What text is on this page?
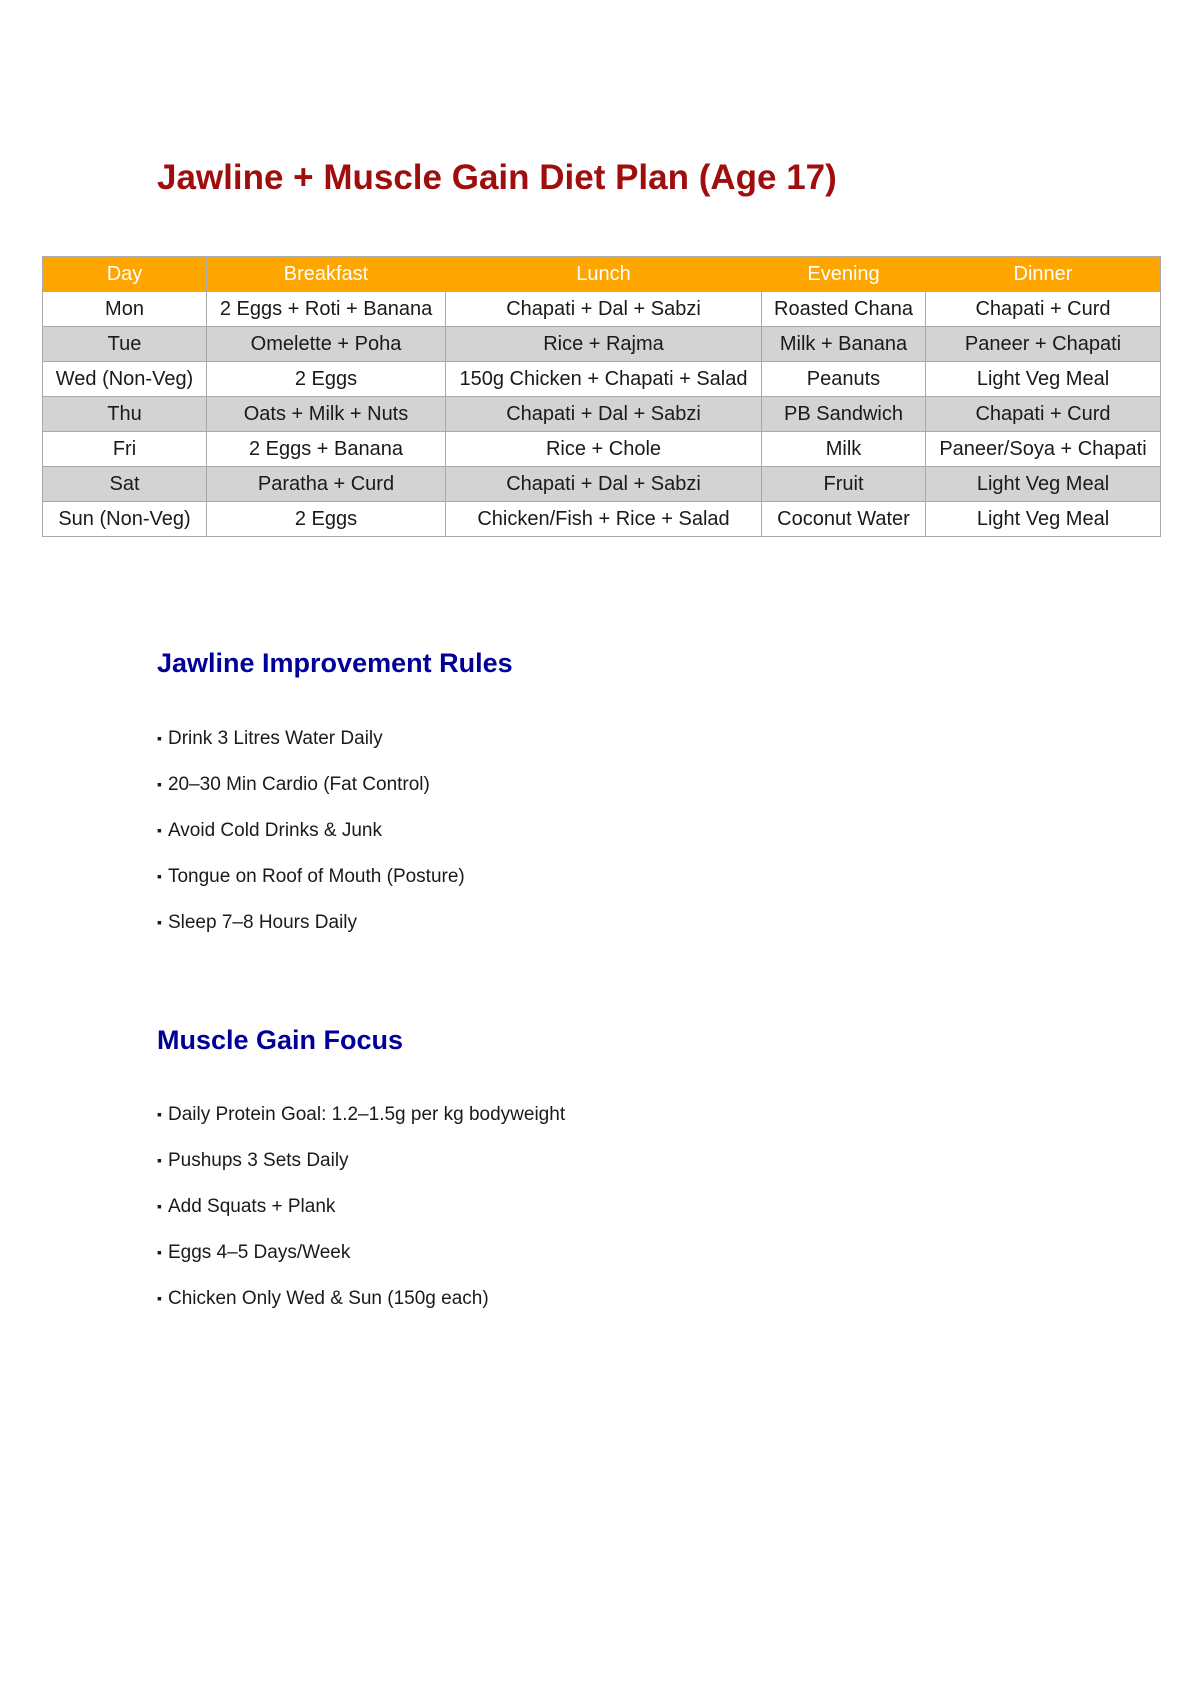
Jawline + Muscle Gain Diet Plan (Age 17)
Day	Breakfast	Lunch	Evening	Dinner
Mon	2 Eggs + Roti + Banana	Chapati + Dal + Sabzi	Roasted Chana	Chapati + Curd
Tue	Omelette + Poha	Rice + Rajma	Milk + Banana	Paneer + Chapati
Wed (Non-Veg)	2 Eggs	150g Chicken + Chapati + Salad	Peanuts	Light Veg Meal
Thu	Oats + Milk + Nuts	Chapati + Dal + Sabzi	PB Sandwich	Chapati + Curd
Fri	2 Eggs + Banana	Rice + Chole	Milk	Paneer/Soya + Chapati
Sat	Paratha + Curd	Chapati + Dal + Sabzi	Fruit	Light Veg Meal
Sun (Non-Veg)	2 Eggs	Chicken/Fish + Rice + Salad	Coconut Water	Light Veg Meal
Jawline Improvement Rules
▪ Drink 3 Litres Water Daily
▪ 20–30 Min Cardio (Fat Control)
▪ Avoid Cold Drinks & Junk
▪ Tongue on Roof of Mouth (Posture)
▪ Sleep 7–8 Hours Daily
Muscle Gain Focus
▪ Daily Protein Goal: 1.2–1.5g per kg bodyweight
▪ Pushups 3 Sets Daily
▪ Add Squats + Plank
▪ Eggs 4–5 Days/Week
▪ Chicken Only Wed & Sun (150g each)
